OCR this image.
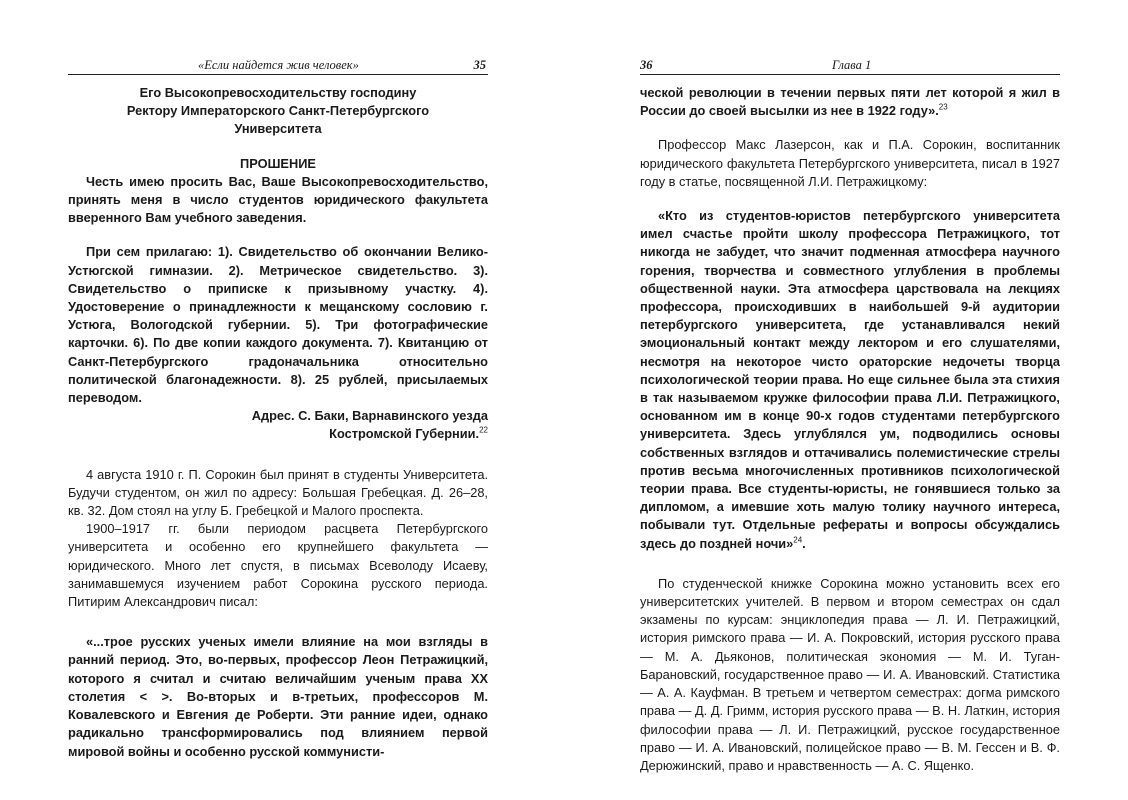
«Если найдется жив человек»	35

Его Высокопревосходительству господину

Ректору Императорского Санкт-Петербургского

Университета

ПРОШЕНИЕ

Честь имею просить Вас, Ваше Высокопревосходительство, принять меня в число студентов юридического факультета вверенного Вам учебного заведения.

При сем прилагаю: 1). Свидетельство об окончании Велико-Устюгской гимназии. 2). Метрическое свидетельство. 3). Свидетельство о приписке к призывному участку. 4). Удостоверение о принадлежности к мещанскому сословию г. Устюга, Вологодской губернии. 5). Три фотографические карточки. 6). По две копии каждого документа. 7). Квитанцию от Санкт-Петербургского градоначальника относительно политической благонадежности. 8). 25 рублей, присылаемых переводом.

Адрес. С. Баки, Варнавинского уезда

Костромской Губернии.$^{22}$

4 августа 1910 г. П. Сорокин был принят в студенты Университета. Будучи студентом, он жил по адресу: Большая Гребецкая. Д. 26–28, кв. 32. Дом стоял на углу Б. Гребецкой и Малого проспекта.

1900–1917 гг. были периодом расцвета Петербургского университета и особенно его крупнейшего факультета — юридического. Много лет спустя, в письмах Всеволоду Исаеву, занимавшемуся изучением работ Сорокина русского периода. Питирим Александрович писал:

«...трое русских ученых имели влияние на мои взгляды в ранний период. Это, во-первых, профессор Леон Петражицкий, которого я считал и считаю величайшим ученым права XX столетия < >. Во-вторых и в-третьих, профессоров М. Ковалевского и Евгения де Роберти. Эти ранние идеи, однако радикально трансформировались под влиянием первой мировой войны и особенно русской коммунисти-

36	Глава 1

ческой революции в течении первых пяти лет которой я жил в России до своей высылки из нее в 1922 году».$^{23}$

Профессор Макс Лазерсон, как и П.А. Сорокин, воспитанник юридического факультета Петербургского университета, писал в 1927 году в статье, посвященной Л.И. Петражицкому:

«Кто из студентов-юристов петербургского университета имел счастье пройти школу профессора Петражицкого, тот никогда не забудет, что значит подменная атмосфера научного горения, творчества и совместного углубления в проблемы общественной науки. Эта атмосфера царствовала на лекциях профессора, происходивших в наибольшей 9-й аудитории петербургского университета, где устанавливался некий эмоциональный контакт между лектором и его слушателями, несмотря на некоторое чисто ораторские недочеты творца психологической теории права. Но еще сильнее была эта стихия в так называемом кружке философии права Л.И. Петражицкого, основанном им в конце 90-х годов студентами петербургского университета. Здесь углублялся ум, подводились основы собственных взглядов и оттачивались полемистические стрелы против весьма многочисленных противников психологической теории права. Все студенты-юристы, не гонявшиеся только за дипломом, а имевшие хоть малую толику научного интереса, побывали тут. Отдельные рефераты и вопросы обсуждались здесь до поздней ночи»$^{24}$.

По студенческой книжке Сорокина можно установить всех его университетских учителей. В первом и втором семестрах он сдал экзамены по курсам: энциклопедия права — Л. И. Петражицкий, история римского права — И. А. Покровский, история русского права — М. А. Дьяконов, политическая экономия — М. И. Туган-Барановский, государственное право — И. А. Ивановский. Статистика — А. А. Кауфман. В третьем и четвертом семестрах: догма римского права — Д. Д. Гримм, история русского права — В. Н. Латкин, история философии права — Л. И. Петражицкий, русское государственное право — И. А. Ивановский, полицейское право — В. М. Гессен и В. Ф. Дерюжинский, право и нравственность — А. С. Ященко.
